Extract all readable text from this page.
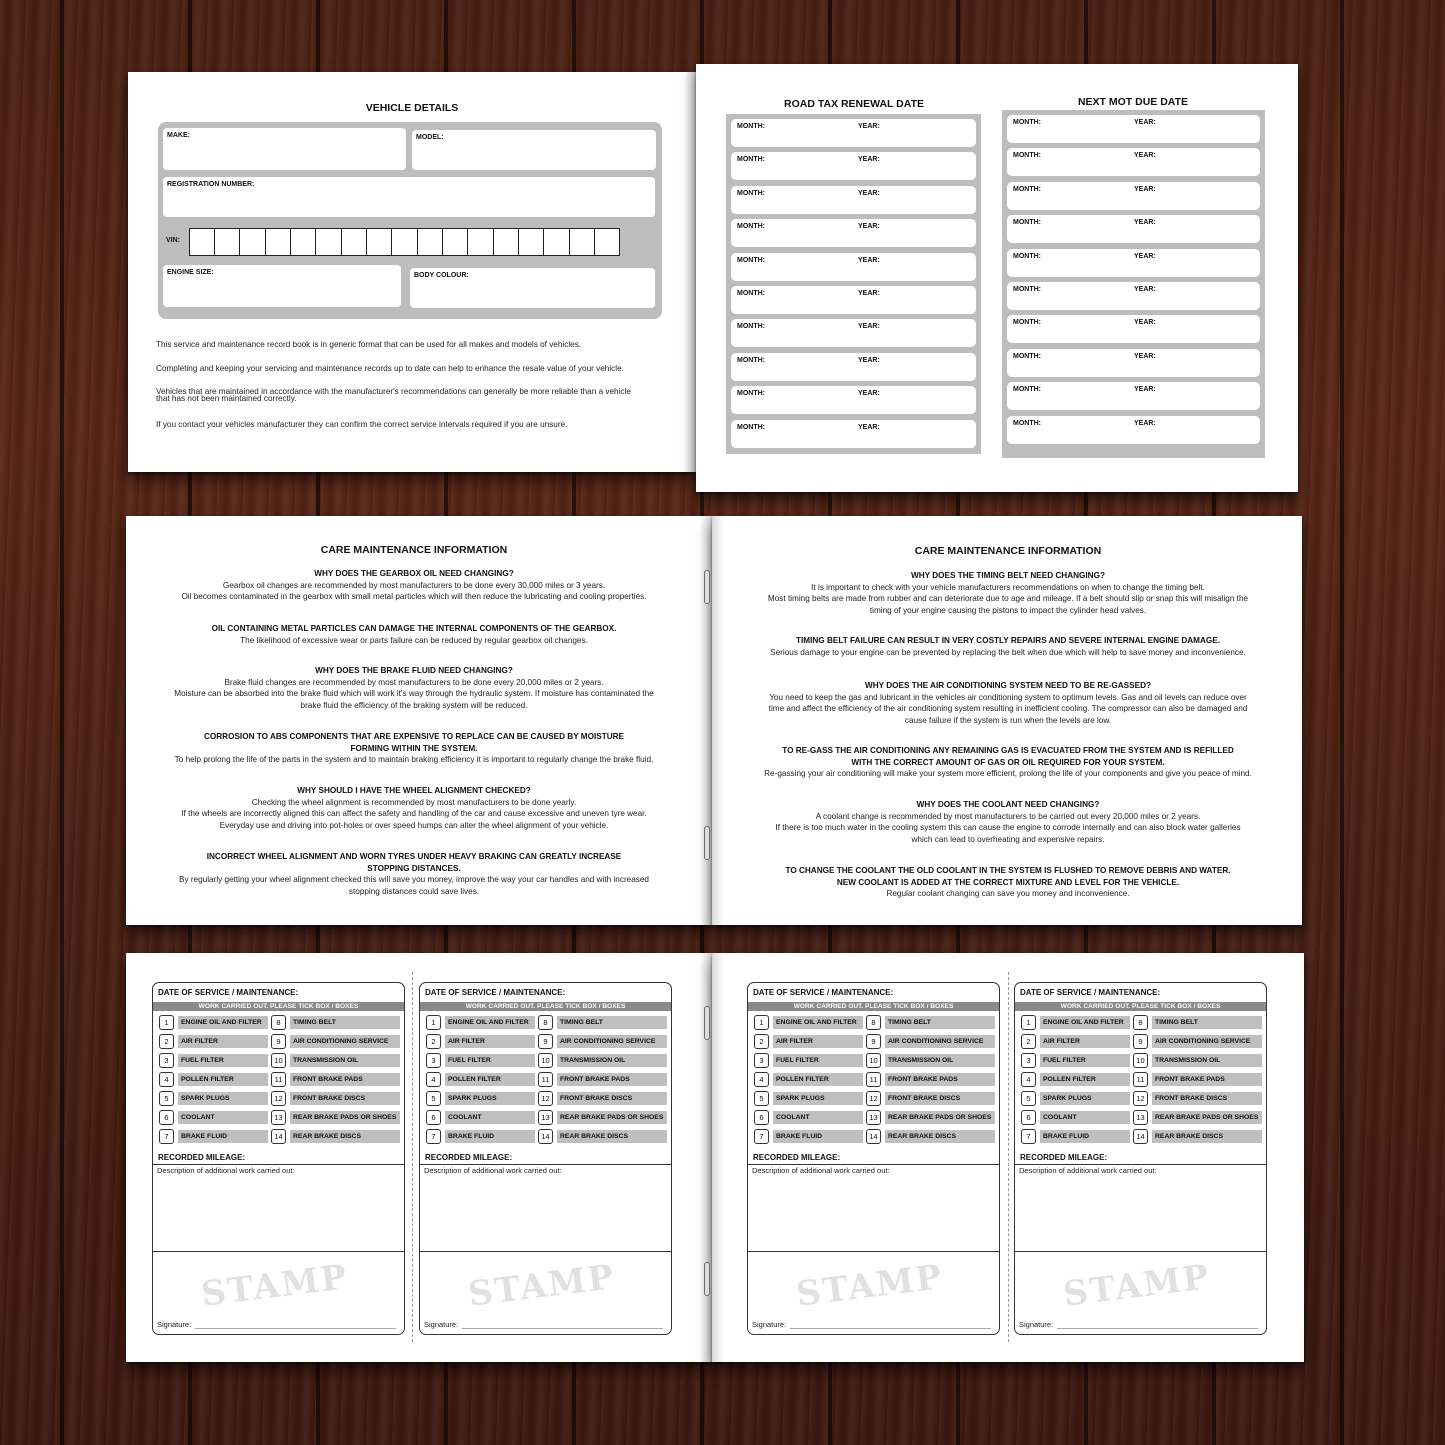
VEHICLE DETAILS
MAKE:	MODEL:
REGISTRATION NUMBER:
VIN:
ENGINE SIZE:	BODY COLOUR:
This service and maintenance record book is in generic format that can be used for all makes and models of vehicles.
Completing and keeping your servicing and maintenance records up to date can help to enhance the resale value of your vehicle.
Vehicles that are maintained in accordance with the manufacturer's recommendations can generally be more reliable than a vehicle
that has not been maintained correctly.
If you contact your vehicles manufacturer they can confirm the correct service intervals required if you are unsure.
ROAD TAX RENEWAL DATE	NEXT MOT DUE DATE
MONTH:	YEAR:
MONTH:	YEAR:
MONTH:	YEAR:
MONTH:	YEAR:
MONTH:	YEAR:
MONTH:	YEAR:
MONTH:	YEAR:
MONTH:	YEAR:
MONTH:	YEAR:
MONTH:	YEAR:
MONTH:	YEAR:
MONTH:	YEAR:
MONTH:	YEAR:
MONTH:	YEAR:
MONTH:	YEAR:
MONTH:	YEAR:
MONTH:	YEAR:
MONTH:	YEAR:
MONTH:	YEAR:
MONTH:	YEAR:
CARE MAINTENANCE INFORMATION
WHY DOES THE GEARBOX OIL NEED CHANGING?
Gearbox oil changes are recommended by most manufacturers to be done every 30,000 miles or 3 years.
Oil becomes contaminated in the gearbox with small metal particles which will then reduce the lubricating and cooling properties.
OIL CONTAINING METAL PARTICLES CAN DAMAGE THE INTERNAL COMPONENTS OF THE GEARBOX.
The likelihood of excessive wear or parts failure can be reduced by regular gearbox oil changes.
WHY DOES THE BRAKE FLUID NEED CHANGING?
Brake fluid changes are recommended by most manufacturers to be done every 20,000 miles or 2 years.
Moisture can be absorbed into the brake fluid which will work it's way through the hydraulic system. If moisture has contaminated the
brake fluid the efficiency of the braking system will be reduced.
CORROSION TO ABS COMPONENTS THAT ARE EXPENSIVE TO REPLACE CAN BE CAUSED BY MOISTURE
FORMING WITHIN THE SYSTEM.
To help prolong the life of the parts in the system and to maintain braking efficiency it is important to regularly change the brake fluid.
WHY SHOULD I HAVE THE WHEEL ALIGNMENT CHECKED?
Checking the wheel alignment is recommended by most manufacturers to be done yearly.
If the wheels are incorrectly aligned this can affect the safety and handling of the car and cause excessive and uneven tyre wear.
Everyday use and driving into pot-holes or over speed humps can alter the wheel alignment of your vehicle.
INCORRECT WHEEL ALIGNMENT AND WORN TYRES UNDER HEAVY BRAKING CAN GREATLY INCREASE
STOPPING DISTANCES.
By regularly getting your wheel alignment checked this will save you money, improve the way your car handles and with increased
stopping distances could save lives.
CARE MAINTENANCE INFORMATION
WHY DOES THE TIMING BELT NEED CHANGING?
It is important to check with your vehicle manufacturers recommendations on when to change the timing belt.
Most timing belts are made from rubber and can deteriorate due to age and mileage. If a belt should slip or snap this will misalign the
timing of your engine causing the pistons to impact the cylinder head valves.
TIMING BELT FAILURE CAN RESULT IN VERY COSTLY REPAIRS AND SEVERE INTERNAL ENGINE DAMAGE.
Serious damage to your engine can be prevented by replacing the belt when due which will help to save money and inconvenience.
WHY DOES THE AIR CONDITIONING SYSTEM NEED TO BE RE-GASSED?
You need to keep the gas and lubricant in the vehicles air conditioning system to optimum levels. Gas and oil levels can reduce over
time and affect the efficiency of the air conditioning system resulting in inefficient cooling. The compressor can also be damaged and
cause failure if the system is run when the levels are low.
TO RE-GASS THE AIR CONDITIONING ANY REMAINING GAS IS EVACUATED FROM THE SYSTEM AND IS REFILLED
WITH THE CORRECT AMOUNT OF GAS OR OIL REQUIRED FOR YOUR SYSTEM.
Re-gassing your air conditioning will make your system more efficient, prolong the life of your components and give you peace of mind.
WHY DOES THE COOLANT NEED CHANGING?
A coolant change is recommended by most manufacturers to be carried out every 20,000 miles or 2 years.
If there is too much water in the cooling system this can cause the engine to corrode internally and can also block water galleries
which can lead to overheating and expensive repairs.
TO CHANGE THE COOLANT THE OLD COOLANT IN THE SYSTEM IS FLUSHED TO REMOVE DEBRIS AND WATER.
NEW COOLANT IS ADDED AT THE CORRECT MIXTURE AND LEVEL FOR THE VEHICLE.
Regular coolant changing can save you money and inconvenience.
DATE OF SERVICE / MAINTENANCE:
WORK CARRIED OUT. PLEASE TICK BOX / BOXES
1	ENGINE OIL AND FILTER
2	AIR FILTER
3	FUEL FILTER
4	POLLEN FILTER
5	SPARK PLUGS
6	COOLANT
7	BRAKE FLUID
8	TIMING BELT
9	AIR CONDITIONING SERVICE
10	TRANSMISSION OIL
11	FRONT BRAKE PADS
12	FRONT BRAKE DISCS
13	REAR BRAKE PADS OR SHOES
14	REAR BRAKE DISCS
RECORDED MILEAGE:
Description of additional work carried out:
STAMP
Signature:
DATE OF SERVICE / MAINTENANCE:
WORK CARRIED OUT. PLEASE TICK BOX / BOXES
1	ENGINE OIL AND FILTER
2	AIR FILTER
3	FUEL FILTER
4	POLLEN FILTER
5	SPARK PLUGS
6	COOLANT
7	BRAKE FLUID
8	TIMING BELT
9	AIR CONDITIONING SERVICE
10	TRANSMISSION OIL
11	FRONT BRAKE PADS
12	FRONT BRAKE DISCS
13	REAR BRAKE PADS OR SHOES
14	REAR BRAKE DISCS
RECORDED MILEAGE:
Description of additional work carried out:
STAMP
Signature:
DATE OF SERVICE / MAINTENANCE:
WORK CARRIED OUT. PLEASE TICK BOX / BOXES
1	ENGINE OIL AND FILTER
2	AIR FILTER
3	FUEL FILTER
4	POLLEN FILTER
5	SPARK PLUGS
6	COOLANT
7	BRAKE FLUID
8	TIMING BELT
9	AIR CONDITIONING SERVICE
10	TRANSMISSION OIL
11	FRONT BRAKE PADS
12	FRONT BRAKE DISCS
13	REAR BRAKE PADS OR SHOES
14	REAR BRAKE DISCS
RECORDED MILEAGE:
Description of additional work carried out:
STAMP
Signature:
DATE OF SERVICE / MAINTENANCE:
WORK CARRIED OUT. PLEASE TICK BOX / BOXES
1	ENGINE OIL AND FILTER
2	AIR FILTER
3	FUEL FILTER
4	POLLEN FILTER
5	SPARK PLUGS
6	COOLANT
7	BRAKE FLUID
8	TIMING BELT
9	AIR CONDITIONING SERVICE
10	TRANSMISSION OIL
11	FRONT BRAKE PADS
12	FRONT BRAKE DISCS
13	REAR BRAKE PADS OR SHOES
14	REAR BRAKE DISCS
RECORDED MILEAGE:
Description of additional work carried out:
STAMP
Signature:
